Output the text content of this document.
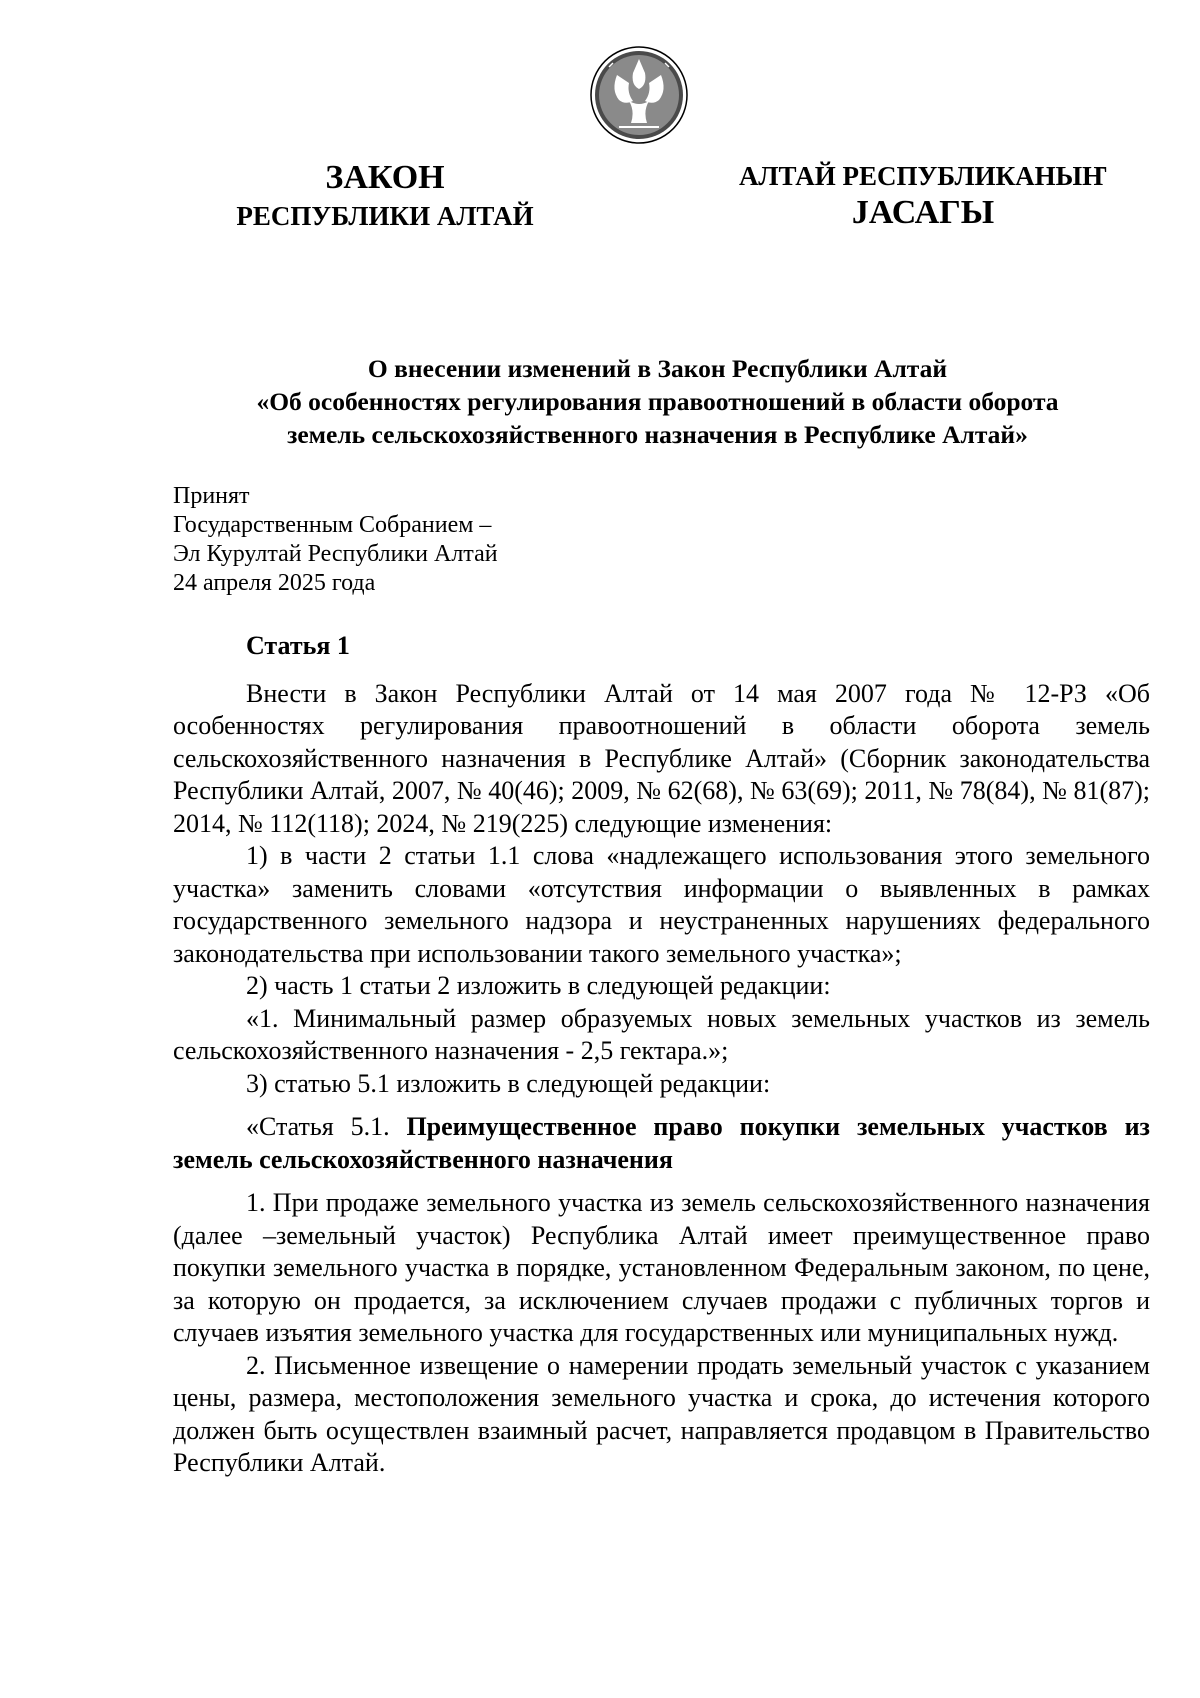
ЗАКОН
РЕСПУБЛИКИ АЛТАЙ
АЛТАЙ РЕСПУБЛИКАНЫҤ
JАСАГЫ
О внесении изменений в Закон Республики Алтай
«Об особенностях регулирования правоотношений в области оборота
земель сельскохозяйственного назначения в Республике Алтай»
Принят
Государственным Собранием –
Эл Курултай Республики Алтай
24 апреля 2025 года

Статья 1

Внести в Закон Республики Алтай от 14 мая 2007 года № 12-РЗ «Об особенностях регулирования правоотношений в области оборота земель сельскохозяйственного назначения в Республике Алтай» (Сборник законодательства Республики Алтай, 2007, № 40(46); 2009, № 62(68), № 63(69); 2011, № 78(84), № 81(87); 2014, № 112(118); 2024, № 219(225) следующие изменения:

1) в части 2 статьи 1.1 слова «надлежащего использования этого земельного участка» заменить словами «отсутствия информации о выявленных в рамках государственного земельного надзора и неустраненных нарушениях федерального законодательства при использовании такого земельного участка»;

2) часть 1 статьи 2 изложить в следующей редакции:

«1. Минимальный размер образуемых новых земельных участков из земель сельскохозяйственного назначения - 2,5 гектара.»;

3) статью 5.1 изложить в следующей редакции:

«Статья 5.1. Преимущественное право покупки земельных участков из земель сельскохозяйственного назначения

1. При продаже земельного участка из земель сельскохозяйственного назначения (далее –земельный участок) Республика Алтай имеет преимущественное право покупки земельного участка в порядке, установленном Федеральным законом, по цене, за которую он продается, за исключением случаев продажи с публичных торгов и случаев изъятия земельного участка для государственных или муниципальных нужд.

2. Письменное извещение о намерении продать земельный участок с указанием цены, размера, местоположения земельного участка и срока, до истечения которого должен быть осуществлен взаимный расчет, направляется продавцом в Правительство Республики Алтай.
